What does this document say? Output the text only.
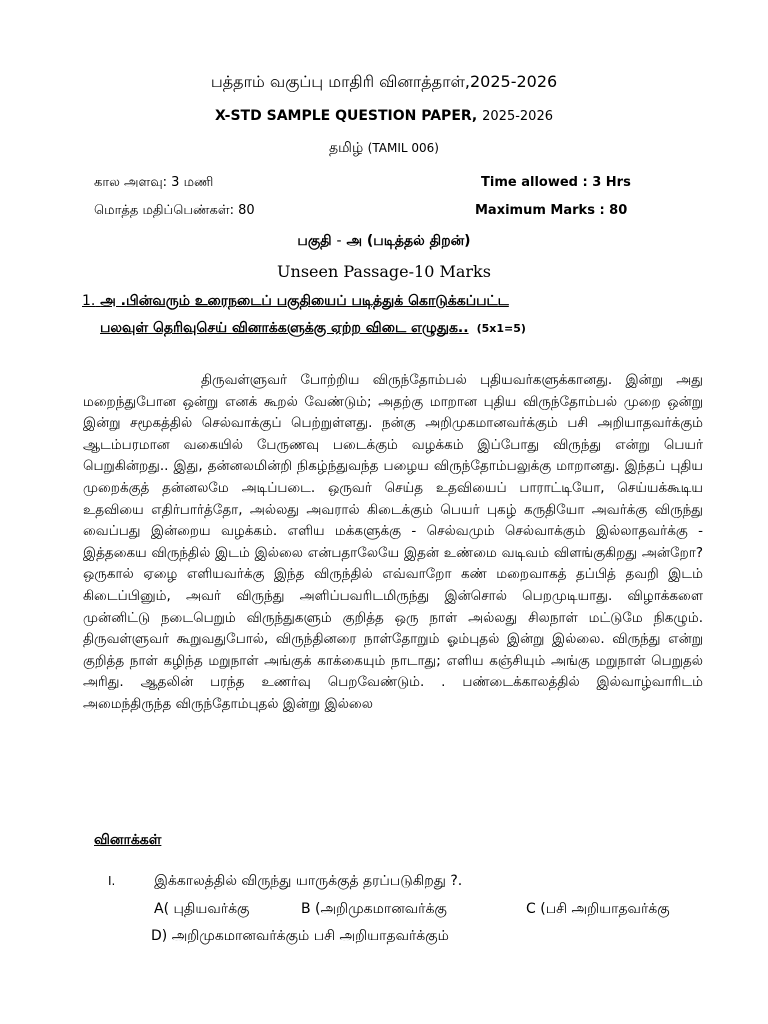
பத்தாம் வகுப்பு மாதிரி வினாத்தாள்,2025-2026
X-STD SAMPLE QUESTION PAPER, 2025-2026
தமிழ் (TAMIL 006)
கால அளவு: 3 மணி	Time allowed : 3 Hrs
மொத்த மதிப்பெண்கள்: 80	Maximum Marks : 80
பகுதி - அ (படித்தல் திறன்)
Unseen Passage-10 Marks
1. அ .பின்வரும் உரைநடைப் பகுதியைப் படித்துக் கொடுக்கப்பட்ட
பலவுள் தெரிவுசெய் வினாக்களுக்கு ஏற்ற விடை எழுதுக.. (5x1=5)

திருவள்ளுவர் போற்றிய விருந்தோம்பல் புதியவர்களுக்கானது. இன்று அது மறைந்துபோன ஒன்று எனக் கூறல் வேண்டும்; அதற்கு மாறான புதிய விருந்தோம்பல் முறை ஒன்று இன்று சமூகத்தில் செல்வாக்குப் பெற்றுள்ளது. நன்கு அறிமுகமானவர்க்கும் பசி அறியாதவர்க்கும் ஆடம்பரமான வகையில் பேருணவு படைக்கும் வழக்கம் இப்போது விருந்து என்று பெயர் பெறுகின்றது.. இது, தன்னலமின்றி நிகழ்ந்துவந்த பழைய விருந்தோம்பலுக்கு மாறானது. இந்தப் புதிய முறைக்குத் தன்னலமே அடிப்படை. ஒருவர் செய்த உதவியைப் பாராட்டியோ, செய்யக்கூடிய உதவியை எதிர்பார்த்தோ, அல்லது அவரால் கிடைக்கும் பெயர் புகழ் கருதியோ அவர்க்கு விருந்து வைப்பது இன்றைய வழக்கம். எளிய மக்களுக்கு - செல்வமும் செல்வாக்கும் இல்லாதவர்க்கு - இத்தகைய விருந்தில் இடம் இல்லை என்பதாலேயே இதன் உண்மை வடிவம் விளங்குகிறது அன்றோ? ஒருகால் ஏழை எளியவர்க்கு இந்த விருந்தில் எவ்வாறோ கண் மறைவாகத் தப்பித் தவறி இடம் கிடைப்பினும், அவர் விருந்து அளிப்பவரிடமிருந்து இன்சொல் பெறமுடியாது. விழாக்களை முன்னிட்டு நடைபெறும் விருந்துகளும் குறித்த ஒரு நாள் அல்லது சிலநாள் மட்டுமே நிகழும். திருவள்ளுவர் கூறுவதுபோல், விருந்தினரை நாள்தோறும் ஓம்புதல் இன்று இல்லை. விருந்து என்று குறித்த நாள் கழிந்த மறுநாள் அங்குக் காக்கையும் நாடாது; எளிய கஞ்சியும் அங்கு மறுநாள் பெறுதல் அரிது. ஆதலின் பரந்த உணர்வு பெறவேண்டும். . பண்டைக்காலத்தில் இல்வாழ்வாரிடம் அமைந்திருந்த விருந்தோம்புதல் இன்று இல்லை

வினாக்கள்
I.	இக்காலத்தில் விருந்து யாருக்குத் தரப்படுகிறது ?.
A( புதியவர்க்கு	B (அறிமுகமானவர்க்கு	C (பசி அறியாதவர்க்கு
D) அறிமுகமானவர்க்கும் பசி அறியாதவர்க்கும்
